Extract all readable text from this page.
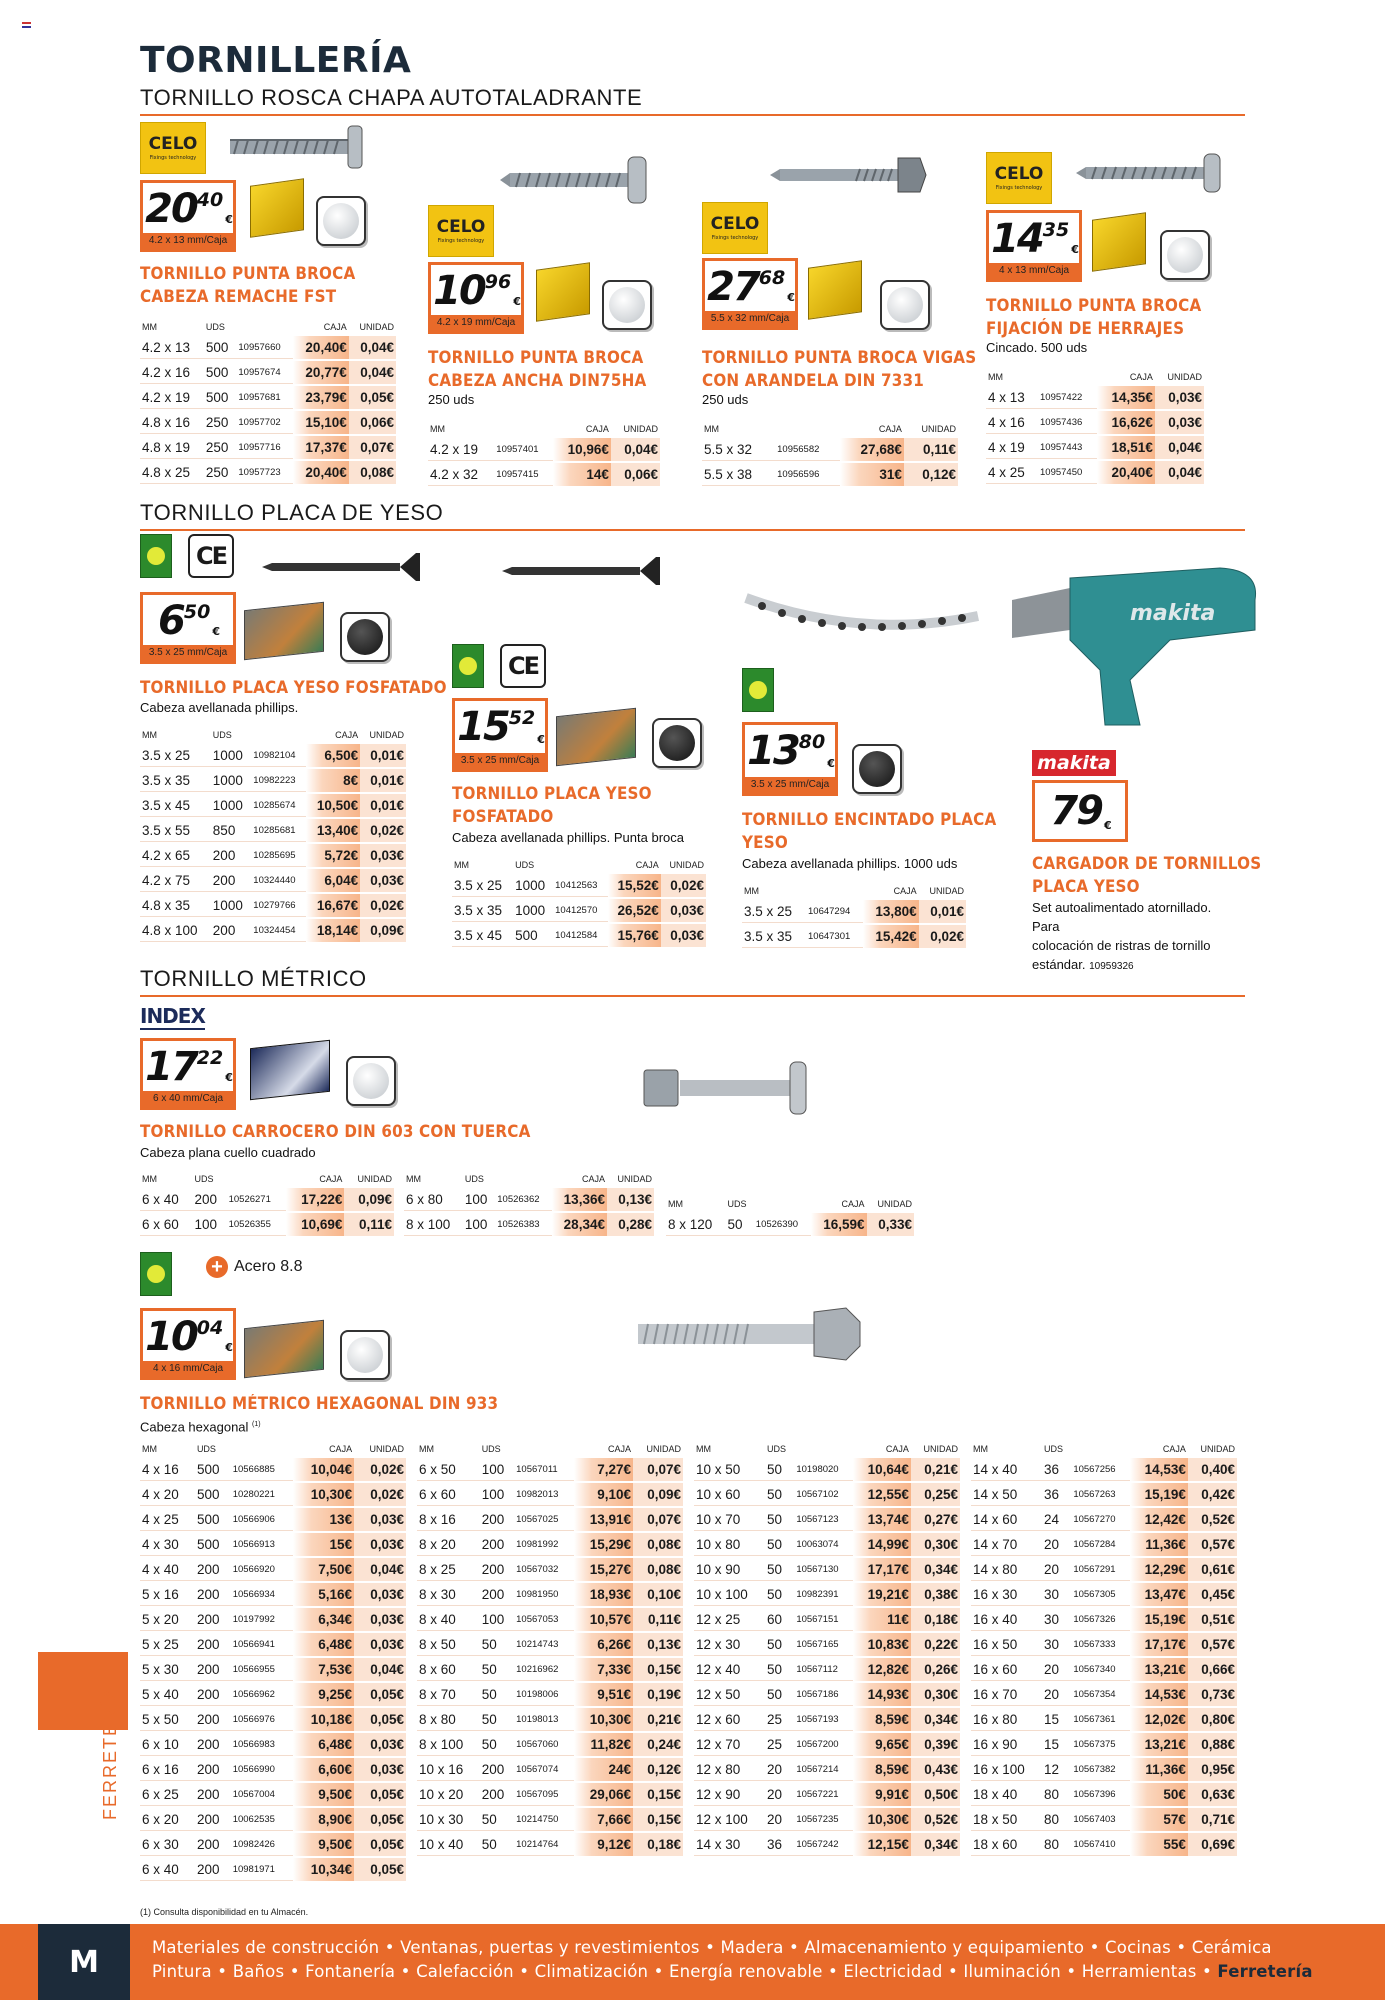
TORNILLERÍA
TORNILLO ROSCA CHAPA AUTOTALADRANTE
CELO
Fixings technology
$20^{40}$
€
4.2 x 13 mm/Caja
TORNILLO PUNTA BROCA
CABEZA REMACHE FST
MM	UDS		CAJA	UNIDAD
4.2 x 13	500	10957660	20,40€	0,04€
4.2 x 16	500	10957674	20,77€	0,04€
4.2 x 19	500	10957681	23,79€	0,05€
4.8 x 16	250	10957702	15,10€	0,06€
4.8 x 19	250	10957716	17,37€	0,07€
4.8 x 25	250	10957723	20,40€	0,08€
CELO
Fixings technology
$10^{96}$
€
4.2 x 19 mm/Caja
TORNILLO PUNTA BROCA
CABEZA ANCHA DIN75HA
250 uds
MM		CAJA	UNIDAD
4.2 x 19	10957401	10,96€	0,04€
4.2 x 32	10957415	14€	0,06€
CELO
Fixings technology
$27^{68}$
€
5.5 x 32 mm/Caja
TORNILLO PUNTA BROCA VIGAS
CON ARANDELA DIN 7331
250 uds
MM		CAJA	UNIDAD
5.5 x 32	10956582	27,68€	0,11€
5.5 x 38	10956596	31€	0,12€
CELO
Fixings technology
$14^{35}$
€
4 x 13 mm/Caja
TORNILLO PUNTA BROCA
FIJACIÓN DE HERRAJES
Cincado. 500 uds
MM		CAJA	UNIDAD
4 x 13	10957422	14,35€	0,03€
4 x 16	10957436	16,62€	0,03€
4 x 19	10957443	18,51€	0,04€
4 x 25	10957450	20,40€	0,04€
TORNILLO PLACA DE YESO
CE
$6^{50}$
€
3.5 x 25 mm/Caja
TORNILLO PLACA YESO FOSFATADO
Cabeza avellanada phillips.
MM	UDS		CAJA	UNIDAD
3.5 x 25	1000	10982104	6,50€	0,01€
3.5 x 35	1000	10982223	8€	0,01€
3.5 x 45	1000	10285674	10,50€	0,01€
3.5 x 55	850	10285681	13,40€	0,02€
4.2 x 65	200	10285695	5,72€	0,03€
4.2 x 75	200	10324440	6,04€	0,03€
4.8 x 35	1000	10279766	16,67€	0,02€
4.8 x 100	200	10324454	18,14€	0,09€
CE
$15^{52}$
€
3.5 x 25 mm/Caja
TORNILLO PLACA YESO
FOSFATADO
Cabeza avellanada phillips. Punta broca
MM	UDS		CAJA	UNIDAD
3.5 x 25	1000	10412563	15,52€	0,02€
3.5 x 35	1000	10412570	26,52€	0,03€
3.5 x 45	500	10412584	15,76€	0,03€
$13^{80}$
€
3.5 x 25 mm/Caja
TORNILLO ENCINTADO PLACA
YESO
Cabeza avellanada phillips. 1000 uds
MM		CAJA	UNIDAD
3.5 x 25	10647294	13,80€	0,01€
3.5 x 35	10647301	15,42€	0,02€
makita
makita
79 €
CARGADOR DE TORNILLOS
PLACA YESO
Set autoalimentado atornillado. Para
colocación de ristras de tornillo
estándar. 10959326
TORNILLO MÉTRICO
INDEX
$17^{22}$
€
6 x 40 mm/Caja
TORNILLO CARROCERO DIN 603 CON TUERCA
Cabeza plana cuello cuadrado
MM	UDS		CAJA	UNIDAD
6 x 40	200	10526271	17,22€	0,09€
6 x 60	100	10526355	10,69€	0,11€
MM	UDS		CAJA	UNIDAD
6 x 80	100	10526362	13,36€	0,13€
8 x 100	100	10526383	28,34€	0,28€
MM	UDS		CAJA	UNIDAD
8 x 120	50	10526390	16,59€	0,33€
+ Acero 8.8
$10^{04}$
€
4 x 16 mm/Caja
TORNILLO MÉTRICO HEXAGONAL DIN 933
Cabeza hexagonal $^{(1)}$
MM	UDS		CAJA	UNIDAD
4 x 16	500	10566885	10,04€	0,02€
4 x 20	500	10280221	10,30€	0,02€
4 x 25	500	10566906	13€	0,03€
4 x 30	500	10566913	15€	0,03€
4 x 40	200	10566920	7,50€	0,04€
5 x 16	200	10566934	5,16€	0,03€
5 x 20	200	10197992	6,34€	0,03€
5 x 25	200	10566941	6,48€	0,03€
5 x 30	200	10566955	7,53€	0,04€
5 x 40	200	10566962	9,25€	0,05€
5 x 50	200	10566976	10,18€	0,05€
6 x 10	200	10566983	6,48€	0,03€
6 x 16	200	10566990	6,60€	0,03€
6 x 25	200	10567004	9,50€	0,05€
6 x 20	200	10062535	8,90€	0,05€
6 x 30	200	10982426	9,50€	0,05€
6 x 40	200	10981971	10,34€	0,05€
MM	UDS		CAJA	UNIDAD
6 x 50	100	10567011	7,27€	0,07€
6 x 60	100	10982013	9,10€	0,09€
8 x 16	200	10567025	13,91€	0,07€
8 x 20	200	10981992	15,29€	0,08€
8 x 25	200	10567032	15,27€	0,08€
8 x 30	200	10981950	18,93€	0,10€
8 x 40	100	10567053	10,57€	0,11€
8 x 50	50	10214743	6,26€	0,13€
8 x 60	50	10216962	7,33€	0,15€
8 x 70	50	10198006	9,51€	0,19€
8 x 80	50	10198013	10,30€	0,21€
8 x 100	50	10567060	11,82€	0,24€
10 x 16	200	10567074	24€	0,12€
10 x 20	200	10567095	29,06€	0,15€
10 x 30	50	10214750	7,66€	0,15€
10 x 40	50	10214764	9,12€	0,18€
MM	UDS		CAJA	UNIDAD
10 x 50	50	10198020	10,64€	0,21€
10 x 60	50	10567102	12,55€	0,25€
10 x 70	50	10567123	13,74€	0,27€
10 x 80	50	10063074	14,99€	0,30€
10 x 90	50	10567130	17,17€	0,34€
10 x 100	50	10982391	19,21€	0,38€
12 x 25	60	10567151	11€	0,18€
12 x 30	50	10567165	10,83€	0,22€
12 x 40	50	10567112	12,82€	0,26€
12 x 50	50	10567186	14,93€	0,30€
12 x 60	25	10567193	8,59€	0,34€
12 x 70	25	10567200	9,65€	0,39€
12 x 80	20	10567214	8,59€	0,43€
12 x 90	20	10567221	9,91€	0,50€
12 x 100	20	10567235	10,30€	0,52€
14 x 30	36	10567242	12,15€	0,34€
MM	UDS		CAJA	UNIDAD
14 x 40	36	10567256	14,53€	0,40€
14 x 50	36	10567263	15,19€	0,42€
14 x 60	24	10567270	12,42€	0,52€
14 x 70	20	10567284	11,36€	0,57€
14 x 80	20	10567291	12,29€	0,61€
16 x 30	30	10567305	13,47€	0,45€
16 x 40	30	10567326	15,19€	0,51€
16 x 50	30	10567333	17,17€	0,57€
16 x 60	20	10567340	13,21€	0,66€
16 x 70	20	10567354	14,53€	0,73€
16 x 80	15	10567361	12,02€	0,80€
16 x 90	15	10567375	13,21€	0,88€
16 x 100	12	10567382	11,36€	0,95€
18 x 40	80	10567396	50€	0,63€
18 x 50	80	10567403	57€	0,71€
18 x 60	80	10567410	55€	0,69€
(1) Consulta disponibilidad en tu Almacén.
FERRETERÍA
M	Materiales de construcción • Ventanas, puertas y revestimientos • Madera • Almacenamiento y equipamiento • Cocinas • Cerámica
Pintura • Baños • Fontanería • Calefacción • Climatización • Energía renovable • Electricidad • Iluminación • Herramientas • Ferretería
